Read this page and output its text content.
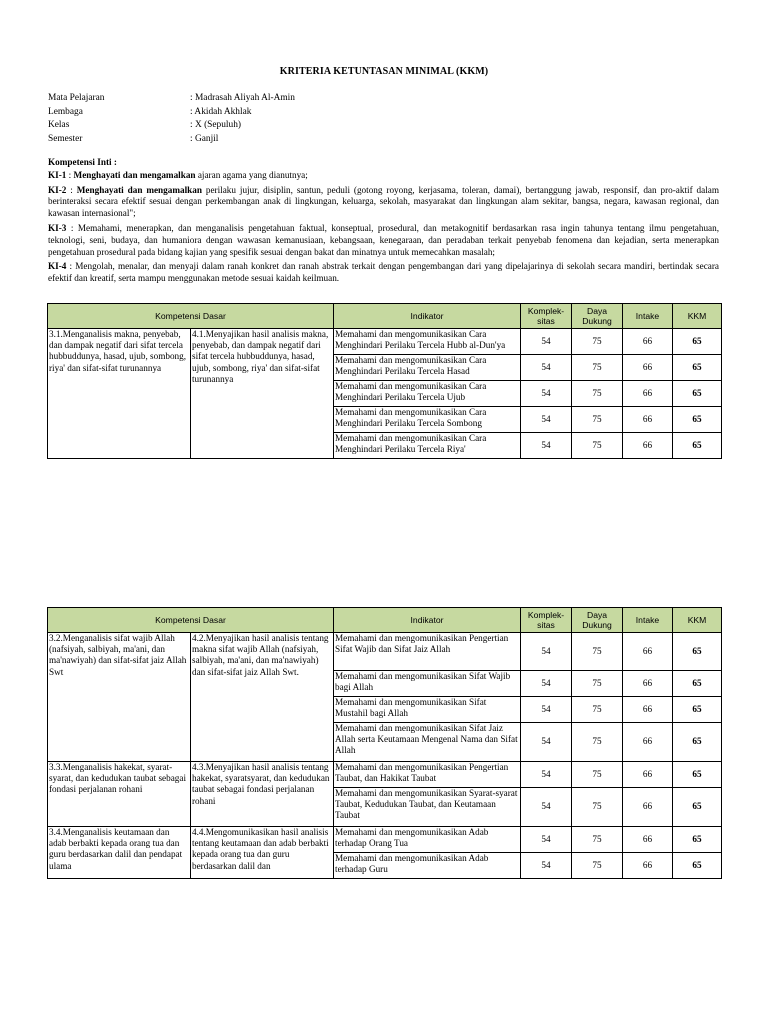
KRITERIA KETUNTASAN MINIMAL (KKM)
Mata Pelajaran	: Madrasah Aliyah Al-Amin
Lembaga	: Akidah Akhlak
Kelas	: X (Sepuluh)
Semester	: Ganjil

Kompetensi Inti :

KI-1 : Menghayati dan mengamalkan ajaran agama yang dianutnya;

KI-2 : Menghayati dan mengamalkan perilaku jujur, disiplin, santun, peduli (gotong royong, kerjasama, toleran, damai), bertanggung jawab, responsif, dan pro-aktif dalam berinteraksi secara efektif sesuai dengan perkembangan anak di lingkungan, keluarga, sekolah, masyarakat dan lingkungan alam sekitar, bangsa, negara, kawasan regional, dan kawasan internasional";

KI-3 : Memahami, menerapkan, dan menganalisis pengetahuan faktual, konseptual, prosedural, dan metakognitif berdasarkan rasa ingin tahunya tentang ilmu pengetahuan, teknologi, seni, budaya, dan humaniora dengan wawasan kemanusiaan, kebangsaan, kenegaraan, dan peradaban terkait penyebab fenomena dan kejadian, serta menerapkan pengetahuan prosedural pada bidang kajian yang spesifik sesuai dengan bakat dan minatnya untuk memecahkan masalah;

KI-4 : Mengolah, menalar, dan menyaji dalam ranah konkret dan ranah abstrak terkait dengan pengembangan dari yang dipelajarinya di sekolah secara mandiri, bertindak secara efektif dan kreatif, serta mampu menggunakan metode sesuai kaidah keilmuan.

Kompetensi Dasar		Indikator	Komplek-sitas	Daya Dukung	Intake	KKM
3.1.Menganalisis makna, penyebab, dan dampak negatif dari sifat tercela hubbuddunya, hasad, ujub, sombong, riya' dan sifat-sifat turunannya	4.1.Menyajikan hasil analisis makna, penyebab, dan dampak negatif dari sifat tercela hubbuddunya, hasad, ujub, sombong, riya' dan sifat-sifat turunannya	Memahami dan mengomunikasikan Cara Menghindari Perilaku Tercela Hubb al-Dun'ya	54	75	66	65
		Memahami dan mengomunikasikan Cara Menghindari Perilaku Tercela Hasad	54	75	66	65
		Memahami dan mengomunikasikan Cara Menghindari Perilaku Tercela Ujub	54	75	66	65
		Memahami dan mengomunikasikan Cara Menghindari Perilaku Tercela Sombong	54	75	66	65
		Memahami dan mengomunikasikan Cara Menghindari Perilaku Tercela Riya'	54	75	66	65
Kompetensi Dasar		Indikator	Komplek-sitas	Daya Dukung	Intake	KKM
3.2.Menganalisis sifat wajib Allah (nafsiyah, salbiyah, ma'ani, dan ma'nawiyah) dan sifat-sifat jaiz Allah Swt	4.2.Menyajikan hasil analisis tentang makna sifat wajib Allah (nafsiyah, salbiyah, ma'ani, dan ma'nawiyah) dan sifat-sifat jaiz Allah Swt.	Memahami dan mengomunikasikan Pengertian Sifat Wajib dan Sifat Jaiz Allah	54	75	66	65
		Memahami dan mengomunikasikan Sifat Wajib bagi Allah	54	75	66	65
		Memahami dan mengomunikasikan Sifat Mustahil bagi Allah	54	75	66	65
		Memahami dan mengomunikasikan Sifat Jaiz Allah serta Keutamaan Mengenal Nama dan Sifat Allah	54	75	66	65
3.3.Menganalisis hakekat, syarat-syarat, dan kedudukan taubat sebagai fondasi perjalanan rohani	4.3.Menyajikan hasil analisis tentang hakekat, syaratsyarat, dan kedudukan taubat sebagai fondasi perjalanan rohani	Memahami dan mengomunikasikan Pengertian Taubat, dan Hakikat Taubat	54	75	66	65
		Memahami dan mengomunikasikan Syarat-syarat Taubat, Kedudukan Taubat, dan Keutamaan Taubat	54	75	66	65
3.4.Menganalisis keutamaan dan adab berbakti kepada orang tua dan guru berdasarkan dalil dan pendapat ulama	4.4.Mengomunikasikan hasil analisis tentang keutamaan dan adab berbakti kepada orang tua dan guru berdasarkan dalil dan	Memahami dan mengomunikasikan Adab terhadap Orang Tua	54	75	66	65
		Memahami dan mengomunikasikan Adab terhadap Guru	54	75	66	65
